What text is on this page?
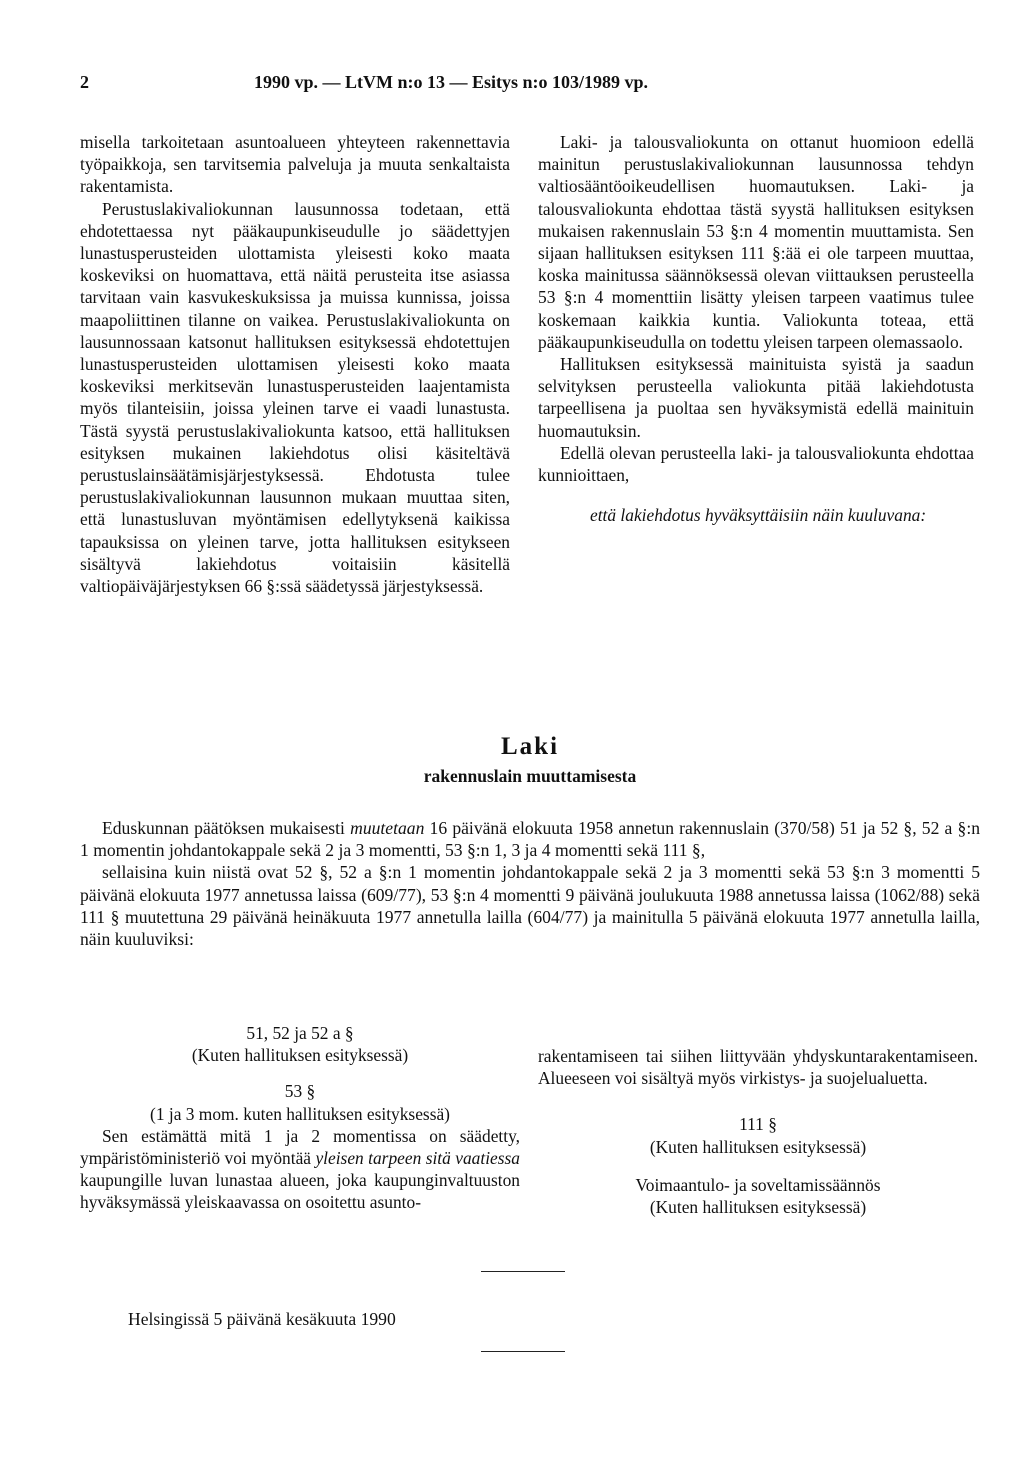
2	1990 vp. — LtVM n:o 13 — Esitys n:o 103/1989 vp.

misella tarkoitetaan asuntoalueen yhteyteen rakennettavia työpaikkoja, sen tarvitsemia palveluja ja muuta senkaltaista rakentamista.

Perustuslakivaliokunnan lausunnossa todetaan, että ehdotettaessa nyt pääkaupunkiseudulle jo säädettyjen lunastusperusteiden ulottamista yleisesti koko maata koskeviksi on huomattava, että näitä perusteita itse asiassa tarvitaan vain kasvukeskuksissa ja muissa kunnissa, joissa maapoliittinen tilanne on vaikea. Perustuslakivaliokunta on lausunnossaan katsonut hallituksen esityksessä ehdotettujen lunastusperusteiden ulottamisen yleisesti koko maata koskeviksi merkitsevän lunastusperusteiden laajentamista myös tilanteisiin, joissa yleinen tarve ei vaadi lunastusta. Tästä syystä perustuslakivaliokunta katsoo, että hallituksen esityksen mukainen lakiehdotus olisi käsiteltävä perustuslainsäätämisjärjestyksessä. Ehdotusta tulee perustuslakivaliokunnan lausunnon mukaan muuttaa siten, että lunastusluvan myöntämisen edellytyksenä kaikissa tapauksissa on yleinen tarve, jotta hallituksen esitykseen sisältyvä lakiehdotus voitaisiin käsitellä valtiopäiväjärjestyksen 66 §:ssä säädetyssä järjestyksessä.

Laki- ja talousvaliokunta on ottanut huomioon edellä mainitun perustuslakivaliokunnan lausunnossa tehdyn valtiosääntöoikeudellisen huomautuksen. Laki- ja talousvaliokunta ehdottaa tästä syystä hallituksen esityksen mukaisen rakennuslain 53 §:n 4 momentin muuttamista. Sen sijaan hallituksen esityksen 111 §:ää ei ole tarpeen muuttaa, koska mainitussa säännöksessä olevan viittauksen perusteella 53 §:n 4 momenttiin lisätty yleisen tarpeen vaatimus tulee koskemaan kaikkia kuntia. Valiokunta toteaa, että pääkaupunkiseudulla on todettu yleisen tarpeen olemassaolo.

Hallituksen esityksessä mainituista syistä ja saadun selvityksen perusteella valiokunta pitää lakiehdotusta tarpeellisena ja puoltaa sen hyväksymistä edellä mainituin huomautuksin.

Edellä olevan perusteella laki- ja talousvaliokunta ehdottaa kunnioittaen,

että lakiehdotus hyväksyttäisiin näin kuuluvana:

Laki
rakennuslain muuttamisesta

Eduskunnan päätöksen mukaisesti muutetaan 16 päivänä elokuuta 1958 annetun rakennuslain (370/58) 51 ja 52 §, 52 a §:n 1 momentin johdantokappale sekä 2 ja 3 momentti, 53 §:n 1, 3 ja 4 momentti sekä 111 §,

sellaisina kuin niistä ovat 52 §, 52 a §:n 1 momentin johdantokappale sekä 2 ja 3 momentti sekä 53 §:n 3 momentti 5 päivänä elokuuta 1977 annetussa laissa (609/77), 53 §:n 4 momentti 9 päivänä joulukuuta 1988 annetussa laissa (1062/88) sekä 111 § muutettuna 29 päivänä heinäkuuta 1977 annetulla lailla (604/77) ja mainitulla 5 päivänä elokuuta 1977 annetulla lailla, näin kuuluviksi:

51, 52 ja 52 a §

(Kuten hallituksen esityksessä)

53 §

(1 ja 3 mom. kuten hallituksen esityksessä)

Sen estämättä mitä 1 ja 2 momentissa on säädetty, ympäristöministeriö voi myöntää yleisen tarpeen sitä vaatiessa kaupungille luvan lunastaa alueen, joka kaupunginvaltuuston hyväksymässä yleiskaavassa on osoitettu asunto-

rakentamiseen tai siihen liittyvään yhdyskuntarakentamiseen. Alueeseen voi sisältyä myös virkistys- ja suojelualuetta.

111 §

(Kuten hallituksen esityksessä)

Voimaantulo- ja soveltamissäännös

(Kuten hallituksen esityksessä)

Helsingissä 5 päivänä kesäkuuta 1990
